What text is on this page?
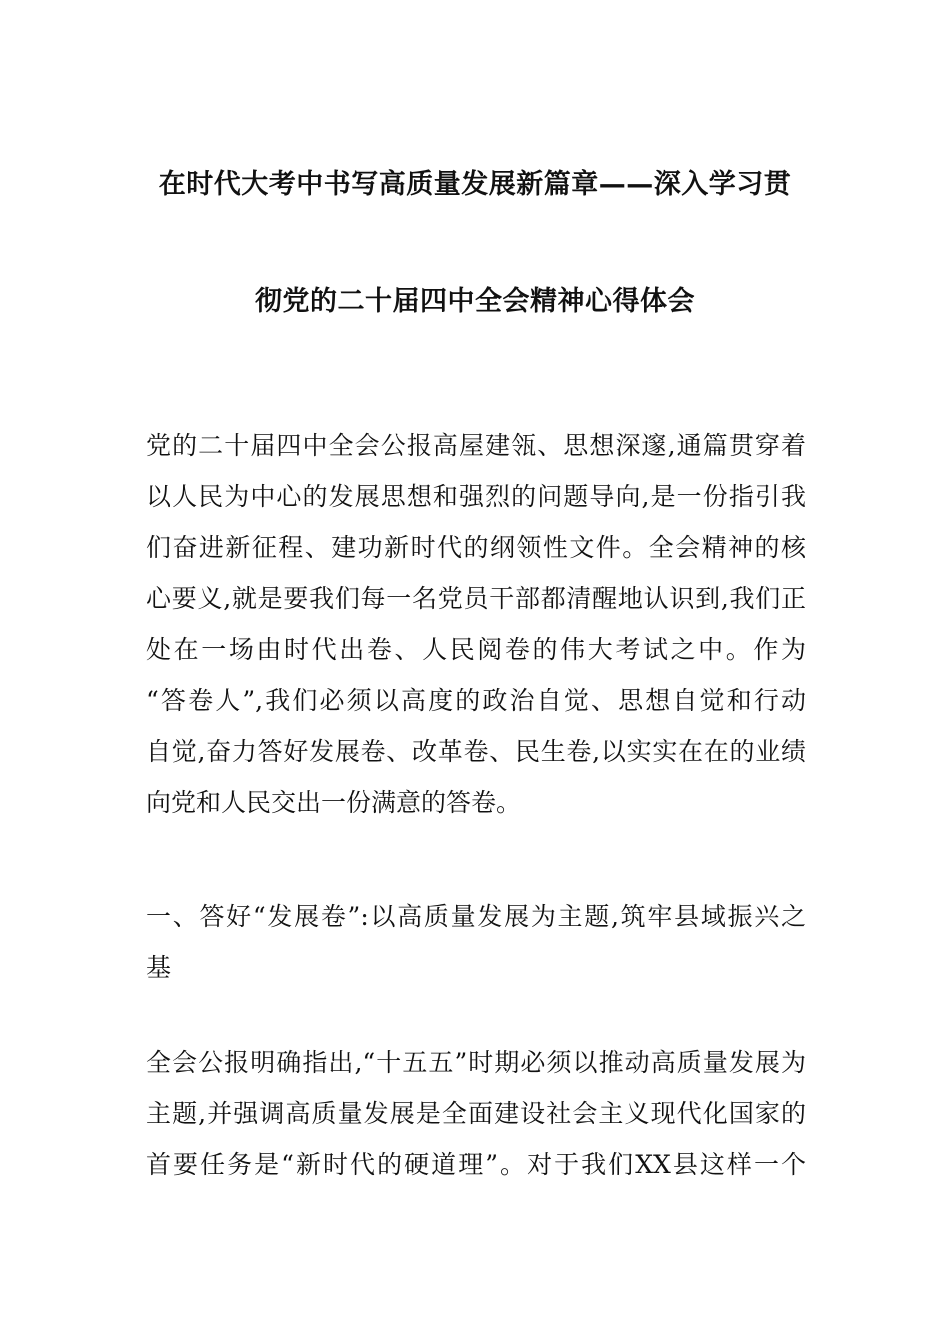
在时代大考中书写高质量发展新篇章——深入学习贯
彻党的二十届四中全会精神心得体会
党的二十届四中全会公报高屋建瓴、思想深邃,通篇贯穿着
以人民为中心的发展思想和强烈的问题导向,是一份指引我
们奋进新征程、建功新时代的纲领性文件。全会精神的核
心要义,就是要我们每一名党员干部都清醒地认识到,我们正
处在一场由时代出卷、人民阅卷的伟大考试之中。作为
“答卷人”,我们必须以高度的政治自觉、思想自觉和行动
自觉,奋力答好发展卷、改革卷、民生卷,以实实在在的业绩
向党和人民交出一份满意的答卷。
一、答好“发展卷”:以高质量发展为主题,筑牢县域振兴之
基
全会公报明确指出,“十五五”时期必须以推动高质量发展为
主题,并强调高质量发展是全面建设社会主义现代化国家的
首要任务是“新时代的硬道理”。对于我们XX县这样一个
